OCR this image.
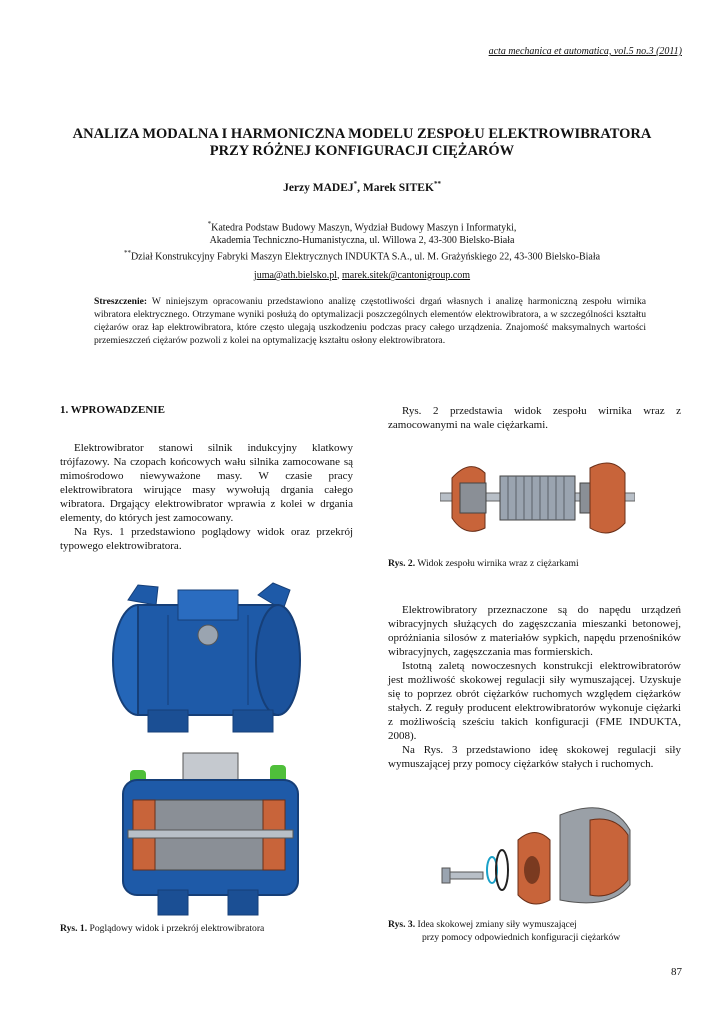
acta mechanica et automatica, vol.5 no.3 (2011)
ANALIZA MODALNA I HARMONICZNA MODELU ZESPOŁU ELEKTROWIBRATORA
PRZY RÓŻNEJ KONFIGURACJI CIĘŻARÓW
Jerzy MADEJ*, Marek SITEK**
*Katedra Podstaw Budowy Maszyn, Wydział Budowy Maszyn i Informatyki,
Akademia Techniczno-Humanistyczna, ul. Willowa 2, 43-300 Bielsko-Biała
**Dział Konstrukcyjny Fabryki Maszyn Elektrycznych INDUKTA S.A., ul. M. Grażyńskiego 22, 43-300 Bielsko-Biała
juma@ath.bielsko.pl, marek.sitek@cantonigroup.com
Streszczenie: W niniejszym opracowaniu przedstawiono analizę częstotliwości drgań własnych i analizę harmoniczną zespołu wirnika wibratora elektrycznego. Otrzymane wyniki posłużą do optymalizacji poszczególnych elementów elektrowibratora, a w szczególności kształtu ciężarów oraz łap elektrowibratora, które często ulegają uszkodzeniu podczas pracy całego urządzenia. Znajomość maksymalnych wartości przemieszczeń ciężarów pozwoli z kolei na optymalizację kształtu osłony elektrowibratora.
1. WPROWADZENIE

Elektrowibrator stanowi silnik indukcyjny klatkowy trójfazowy. Na czopach końcowych wału silnika zamocowane są mimośrodowo niewyważone masy. W czasie pracy elektrowibratora wirujące masy wywołują drgania całego wibratora. Drgający elektrowibrator wprawia z kolei w drgania elementy, do których jest zamocowany.

Na Rys. 1 przedstawiono poglądowy widok oraz przekrój typowego elektrowibratora.

Rys. 1. Poglądowy widok i przekrój elektrowibratora

Rys. 2 przedstawia widok zespołu wirnika wraz z zamocowanymi na wale ciężarkami.

Rys. 2. Widok zespołu wirnika wraz z ciężarkami

Elektrowibratory przeznaczone są do napędu urządzeń wibracyjnych służących do zagęszczania mieszanki betonowej, opróżniania silosów z materiałów sypkich, napędu przenośników wibracyjnych, zagęszczania mas formierskich.

Istotną zaletą nowoczesnych konstrukcji elektrowibratorów jest możliwość skokowej regulacji siły wymuszającej. Uzyskuje się to poprzez obrót ciężarków ruchomych względem ciężarków stałych. Z reguły producent elektrowibratorów wykonuje ciężarki z możliwością sześciu takich konfiguracji (FME INDUKTA, 2008).

Na Rys. 3 przedstawiono ideę skokowej regulacji siły wymuszającej przy pomocy ciężarków stałych i ruchomych.

Rys. 3. Idea skokowej zmiany siły wymuszającej
przy pomocy odpowiednich konfiguracji ciężarków
87
